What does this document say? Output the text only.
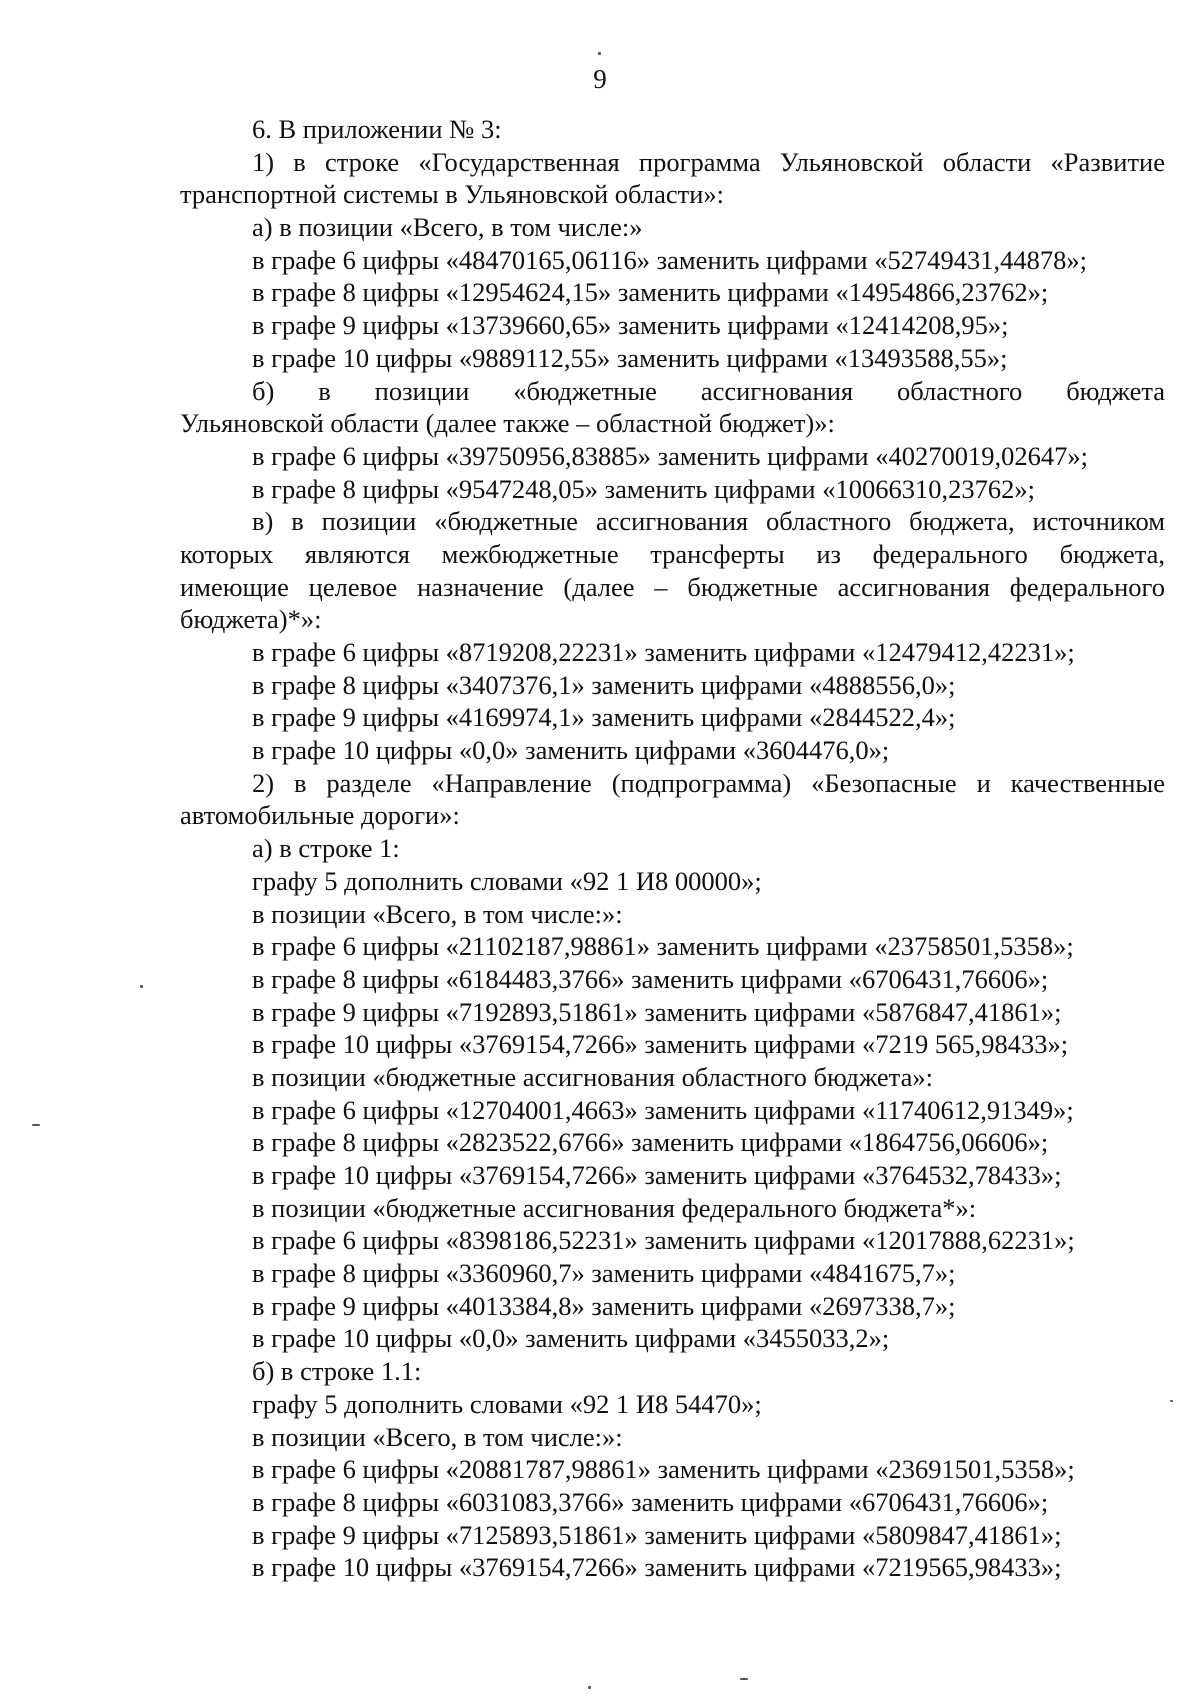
9
6. В приложении № 3:
1) в строке «Государственная программа Ульяновской области «Развитие
транспортной системы в Ульяновской области»:
а) в позиции «Всего, в том числе:»
в графе 6 цифры «48470165,06116» заменить цифрами «52749431,44878»;
в графе 8 цифры «12954624,15» заменить цифрами «14954866,23762»;
в графе 9 цифры «13739660,65» заменить цифрами «12414208,95»;
в графе 10 цифры «9889112,55» заменить цифрами «13493588,55»;
б) в позиции «бюджетные ассигнования областного бюджета
Ульяновской области (далее также – областной бюджет)»:
в графе 6 цифры «39750956,83885» заменить цифрами «40270019,02647»;
в графе 8 цифры «9547248,05» заменить цифрами «10066310,23762»;
в) в позиции «бюджетные ассигнования областного бюджета, источником
которых являются межбюджетные трансферты из федерального бюджета,
имеющие целевое назначение (далее – бюджетные ассигнования федерального
бюджета)*»:
в графе 6 цифры «8719208,22231» заменить цифрами «12479412,42231»;
в графе 8 цифры «3407376,1» заменить цифрами «4888556,0»;
в графе 9 цифры «4169974,1» заменить цифрами «2844522,4»;
в графе 10 цифры «0,0» заменить цифрами «3604476,0»;
2) в разделе «Направление (подпрограмма) «Безопасные и качественные
автомобильные дороги»:
а) в строке 1:
графу 5 дополнить словами «92 1 И8 00000»;
в позиции «Всего, в том числе:»:
в графе 6 цифры «21102187,98861» заменить цифрами «23758501,5358»;
в графе 8 цифры «6184483,3766» заменить цифрами «6706431,76606»;
в графе 9 цифры «7192893,51861» заменить цифрами «5876847,41861»;
в графе 10 цифры «3769154,7266» заменить цифрами «7219 565,98433»;
в позиции «бюджетные ассигнования областного бюджета»:
в графе 6 цифры «12704001,4663» заменить цифрами «11740612,91349»;
в графе 8 цифры «2823522,6766» заменить цифрами «1864756,06606»;
в графе 10 цифры «3769154,7266» заменить цифрами «3764532,78433»;
в позиции «бюджетные ассигнования федерального бюджета*»:
в графе 6 цифры «8398186,52231» заменить цифрами «12017888,62231»;
в графе 8 цифры «3360960,7» заменить цифрами «4841675,7»;
в графе 9 цифры «4013384,8» заменить цифрами «2697338,7»;
в графе 10 цифры «0,0» заменить цифрами «3455033,2»;
б) в строке 1.1:
графу 5 дополнить словами «92 1 И8 54470»;
в позиции «Всего, в том числе:»:
в графе 6 цифры «20881787,98861» заменить цифрами «23691501,5358»;
в графе 8 цифры «6031083,3766» заменить цифрами «6706431,76606»;
в графе 9 цифры «7125893,51861» заменить цифрами «5809847,41861»;
в графе 10 цифры «3769154,7266» заменить цифрами «7219565,98433»;
